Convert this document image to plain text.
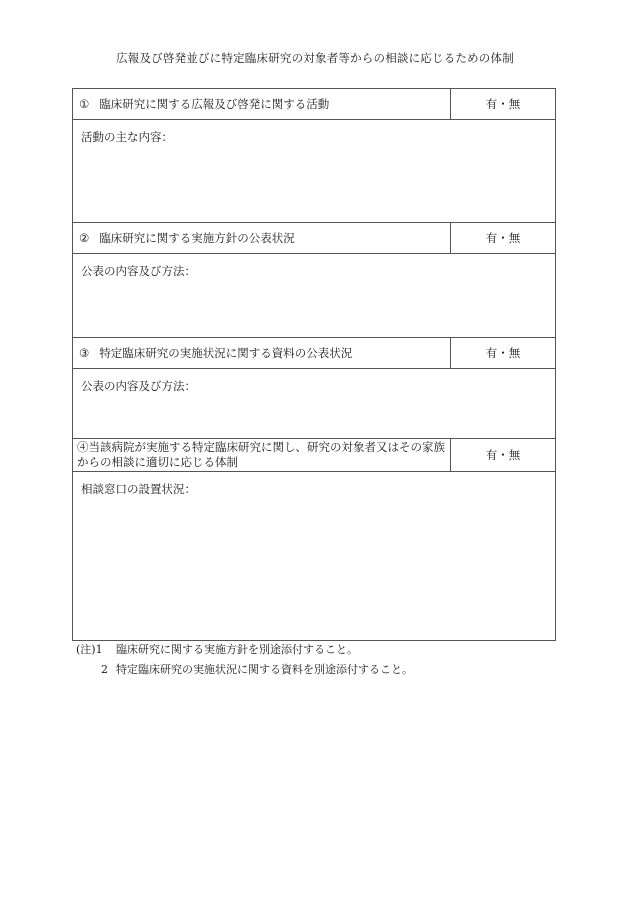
広報及び啓発並びに特定臨床研究の対象者等からの相談に応じるための体制
① 臨床研究に関する広報及び啓発に関する活動	有・無
活動の主な内容：
② 臨床研究に関する実施方針の公表状況	有・無
公表の内容及び方法：
③ 特定臨床研究の実施状況に関する資料の公表状況	有・無
公表の内容及び方法：
④当該病院が実施する特定臨床研究に関し、研究の対象者又はその家族からの相談に適切に応じる体制	有・無
相談窓口の設置状況：
(注)1 臨床研究に関する実施方針を別途添付すること。
2 特定臨床研究の実施状況に関する資料を別途添付すること。
